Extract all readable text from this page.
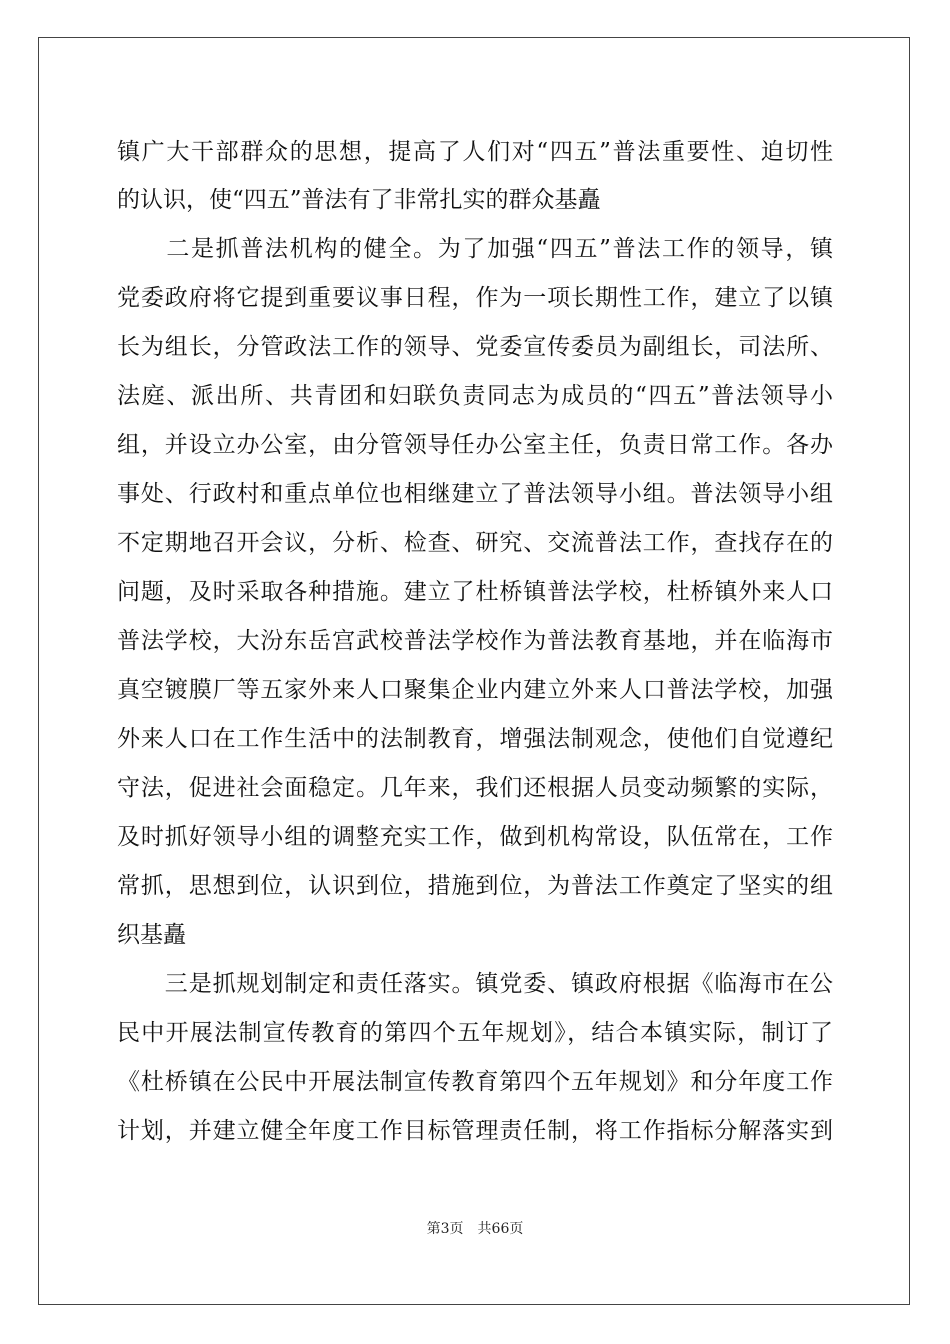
镇广大干部群众的思想，提高了人们对“四五”普法重要性、迫切性
的认识，使“四五”普法有了非常扎实的群众基矗
　　二是抓普法机构的健全。为了加强“四五”普法工作的领导，镇
党委政府将它提到重要议事日程，作为一项长期性工作，建立了以镇
长为组长，分管政法工作的领导、党委宣传委员为副组长，司法所、
法庭、派出所、共青团和妇联负责同志为成员的“四五”普法领导小
组，并设立办公室，由分管领导任办公室主任，负责日常工作。各办
事处、行政村和重点单位也相继建立了普法领导小组。普法领导小组
不定期地召开会议，分析、检查、研究、交流普法工作，查找存在的
问题，及时采取各种措施。建立了杜桥镇普法学校，杜桥镇外来人口
普法学校，大汾东岳宫武校普法学校作为普法教育基地，并在临海市
真空镀膜厂等五家外来人口聚集企业内建立外来人口普法学校，加强
外来人口在工作生活中的法制教育，增强法制观念，使他们自觉遵纪
守法，促进社会面稳定。几年来，我们还根据人员变动频繁的实际，
及时抓好领导小组的调整充实工作，做到机构常设，队伍常在，工作
常抓，思想到位，认识到位，措施到位，为普法工作奠定了坚实的组
织基矗
　　三是抓规划制定和责任落实。镇党委、镇政府根据《临海市在公
民中开展法制宣传教育的第四个五年规划》，结合本镇实际，制订了
《杜桥镇在公民中开展法制宣传教育第四个五年规划》和分年度工作
计划，并建立健全年度工作目标管理责任制，将工作指标分解落实到
第3页 共66页
